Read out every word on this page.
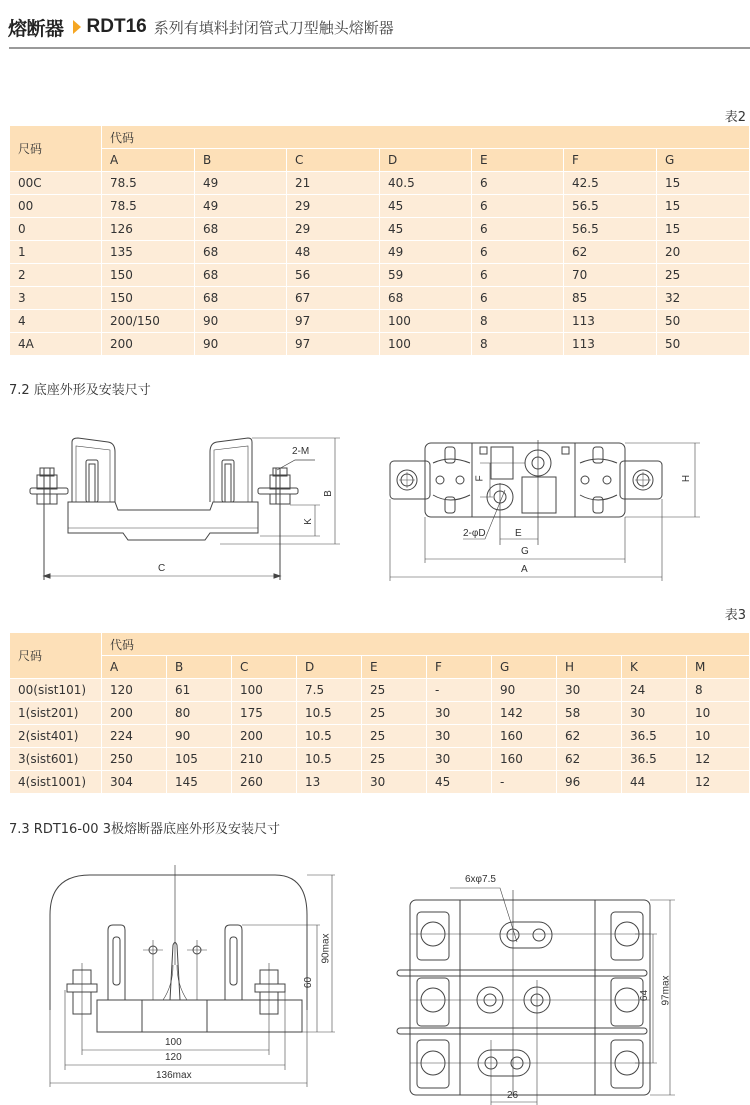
熔断器 RDT16 系列有填料封闭管式刀型触头熔断器
表2
尺码	代码						
	A	B	C	D	E	F	G
00C	78.5	49	21	40.5	6	42.5	15
00	78.5	49	29	45	6	56.5	15
0	126	68	29	45	6	56.5	15
1	135	68	48	49	6	62	20
2	150	68	56	59	6	70	25
3	150	68	67	68	6	85	32
4	200/150	90	97	100	8	113	50
4A	200	90	97	100	8	113	50
7.2 底座外形及安装尺寸
2-M
B
K
C
F
2-φD	E
G
A
H
表3
尺码	代码									
	A	B	C	D	E	F	G	H	K	M
00(sist101)	120	61	100	7.5	25	-	90	30	24	8
1(sist201)	200	80	175	10.5	25	30	142	58	30	10
2(sist401)	224	90	200	10.5	25	30	160	62	36.5	10
3(sist601)	250	105	210	10.5	25	30	160	62	36.5	12
4(sist1001)	304	145	260	13	30	45	-	96	44	12
7.3 RDT16-00 3极熔断器底座外形及安装尺寸
100
120
136max
60
90max
6xφ7.5
26
64 97max
